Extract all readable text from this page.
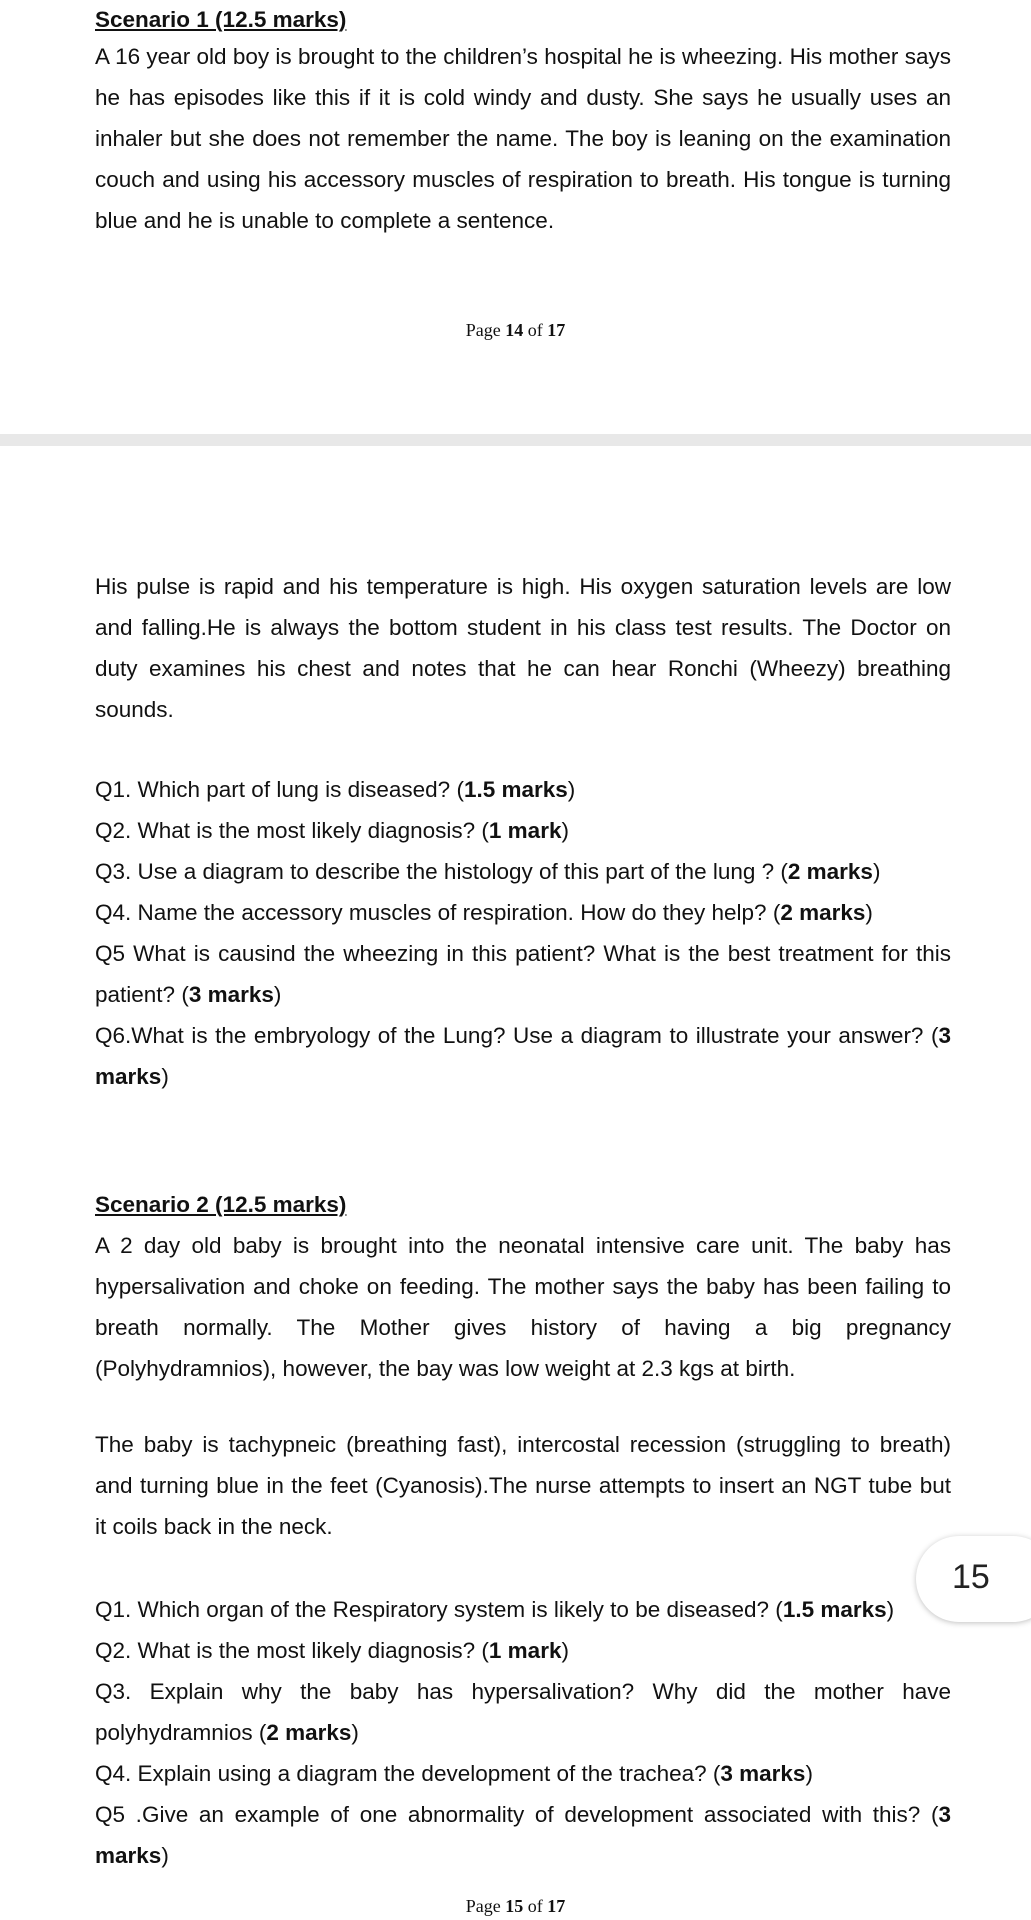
Scenario 1 (12.5 marks)

A 16 year old boy is brought to the children’s hospital he is wheezing. His mother says he has episodes like this if it is cold windy and dusty. She says he usually uses an inhaler but she does not remember the name. The boy is leaning on the examination couch and using his accessory muscles of respiration to breath. His tongue is turning blue and he is unable to complete a sentence.

Page 14 of 17

His pulse is rapid and his temperature is high. His oxygen saturation levels are low and falling.He is always the bottom student in his class test results. The Doctor on duty examines his chest and notes that he can hear Ronchi (Wheezy) breathing sounds.

Q1. Which part of lung is diseased? (1.5 marks)

Q2. What is the most likely diagnosis? (1 mark)

Q3. Use a diagram to describe the histology of this part of the lung ? (2 marks)

Q4. Name the accessory muscles of respiration. How do they help? (2 marks)

Q5 What is causind the wheezing in this patient? What is the best treatment for this patient? (3 marks)

Q6.What is the embryology of the Lung? Use a diagram to illustrate your answer? (3 marks)

Scenario 2 (12.5 marks)

A 2 day old baby is brought into the neonatal intensive care unit. The baby has hypersalivation and choke on feeding. The mother says the baby has been failing to breath normally. The Mother gives history of having a big pregnancy (Polyhydramnios), however, the bay was low weight at 2.3 kgs at birth.

The baby is tachypneic (breathing fast), intercostal recession (struggling to breath) and turning blue in the feet (Cyanosis).The nurse attempts to insert an NGT tube but it coils back in the neck.

Q1. Which organ of the Respiratory system is likely to be diseased? (1.5 marks)

Q2. What is the most likely diagnosis? (1 mark)

Q3. Explain why the baby has hypersalivation? Why did the mother have polyhydramnios (2 marks)

Q4. Explain using a diagram the development of the trachea? (3 marks)

Q5 .Give an example of one abnormality of development associated with this? (3 marks)

Page 15 of 17
15
